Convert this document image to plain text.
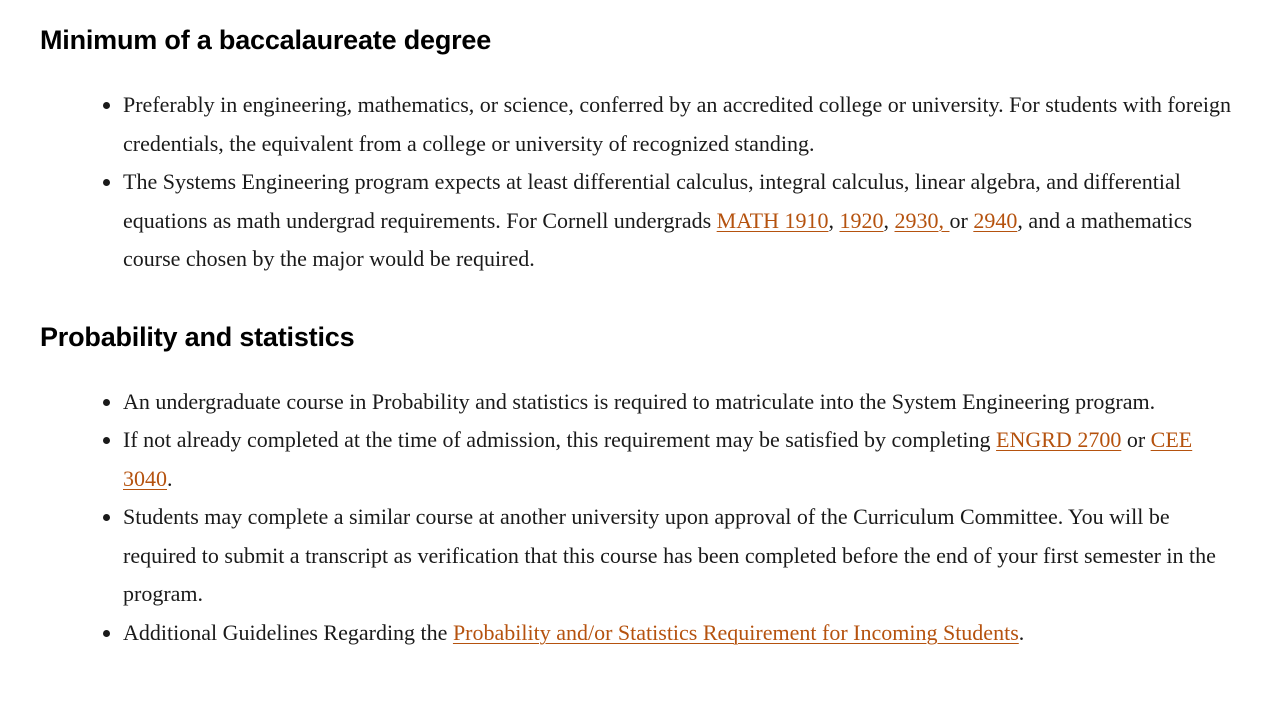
Minimum of a baccalaureate degree
Preferably in engineering, mathematics, or science, conferred by an accredited college or university. For students with foreign credentials, the equivalent from a college or university of recognized standing.
The Systems Engineering program expects at least differential calculus, integral calculus, linear algebra, and differential equations as math undergrad requirements. For Cornell undergrads MATH 1910, 1920, 2930, or 2940, and a mathematics course chosen by the major would be required.
Probability and statistics
An undergraduate course in Probability and statistics is required to matriculate into the System Engineering program.
If not already completed at the time of admission, this requirement may be satisfied by completing ENGRD 2700 or CEE 3040.
Students may complete a similar course at another university upon approval of the Curriculum Committee. You will be required to submit a transcript as verification that this course has been completed before the end of your first semester in the program.
Additional Guidelines Regarding the Probability and/or Statistics Requirement for Incoming Students.
